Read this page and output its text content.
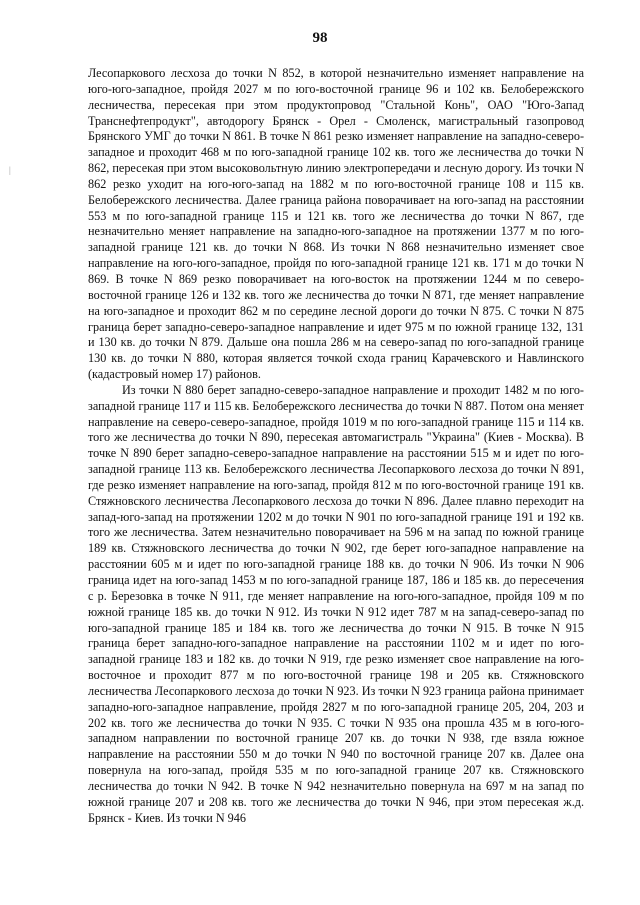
98
|

Лесопаркового лесхоза до точки N 852, в которой незначительно изменяет направление на юго-юго-западное, пройдя 2027 м по юго-восточной границе 96 и 102 кв. Белобережского лесничества, пересекая при этом продуктопровод "Стальной Конь", ОАО "Юго-Запад Транснефтепродукт", автодорогу Брянск - Орел - Смоленск, магистральный газопровод Брянского УМГ до точки N 861. В точке N 861 резко изменяет направление на западно-северо-западное и проходит 468 м по юго-западной границе 102 кв. того же лесничества до точки N 862, пересекая при этом высоковольтную линию электропередачи и лесную дорогу. Из точки N 862 резко уходит на юго-юго-запад на 1882 м по юго-восточной границе 108 и 115 кв. Белобережского лесничества. Далее граница района поворачивает на юго-запад на расстоянии 553 м по юго-западной границе 115 и 121 кв. того же лесничества до точки N 867, где незначительно меняет направление на западно-юго-западное на протяжении 1377 м по юго-западной границе 121 кв. до точки N 868. Из точки N 868 незначительно изменяет свое направление на юго-юго-западное, пройдя по юго-западной границе 121 кв. 171 м до точки N 869. В точке N 869 резко поворачивает на юго-восток на протяжении 1244 м по северо-восточной границе 126 и 132 кв. того же лесничества до точки N 871, где меняет направление на юго-западное и проходит 862 м по середине лесной дороги до точки N 875. С точки N 875 граница берет западно-северо-западное направление и идет 975 м по южной границе 132, 131 и 130 кв. до точки N 879. Дальше она пошла 286 м на северо-запад по юго-западной границе 130 кв. до точки N 880, которая является точкой схода границ Карачевского и Навлинского (кадастровый номер 17) районов.

Из точки N 880 берет западно-северо-западное направление и проходит 1482 м по юго-западной границе 117 и 115 кв. Белобережского лесничества до точки N 887. Потом она меняет направление на северо-северо-западное, пройдя 1019 м по юго-западной границе 115 и 114 кв. того же лесничества до точки N 890, пересекая автомагистраль "Украина" (Киев - Москва). В точке N 890 берет западно-северо-западное направление на расстоянии 515 м и идет по юго-западной границе 113 кв. Белобережского лесничества Лесопаркового лесхоза до точки N 891, где резко изменяет направление на юго-запад, пройдя 812 м по юго-восточной границе 191 кв. Стяжновского лесничества Лесопаркового лесхоза до точки N 896. Далее плавно переходит на запад-юго-запад на протяжении 1202 м до точки N 901 по юго-западной границе 191 и 192 кв. того же лесничества. Затем незначительно поворачивает на 596 м на запад по южной границе 189 кв. Стяжновского лесничества до точки N 902, где берет юго-западное направление на расстоянии 605 м и идет по юго-западной границе 188 кв. до точки N 906. Из точки N 906 граница идет на юго-запад 1453 м по юго-западной границе 187, 186 и 185 кв. до пересечения с р. Березовка в точке N 911, где меняет направление на юго-юго-западное, пройдя 109 м по южной границе 185 кв. до точки N 912. Из точки N 912 идет 787 м на запад-северо-запад по юго-западной границе 185 и 184 кв. того же лесничества до точки N 915. В точке N 915 граница берет западно-юго-западное направление на расстоянии 1102 м и идет по юго-западной границе 183 и 182 кв. до точки N 919, где резко изменяет свое направление на юго-восточное и проходит 877 м по юго-восточной границе 198 и 205 кв. Стяжновского лесничества Лесопаркового лесхоза до точки N 923. Из точки N 923 граница района принимает западно-юго-западное направление, пройдя 2827 м по юго-западной границе 205, 204, 203 и 202 кв. того же лесничества до точки N 935. С точки N 935 она прошла 435 м в юго-юго-западном направлении по восточной границе 207 кв. до точки N 938, где взяла южное направление на расстоянии 550 м до точки N 940 по восточной границе 207 кв. Далее она повернула на юго-запад, пройдя 535 м по юго-западной границе 207 кв. Стяжновского лесничества до точки N 942. В точке N 942 незначительно повернула на 697 м на запад по южной границе 207 и 208 кв. того же лесничества до точки N 946, при этом пересекая ж.д. Брянск - Киев. Из точки N 946
